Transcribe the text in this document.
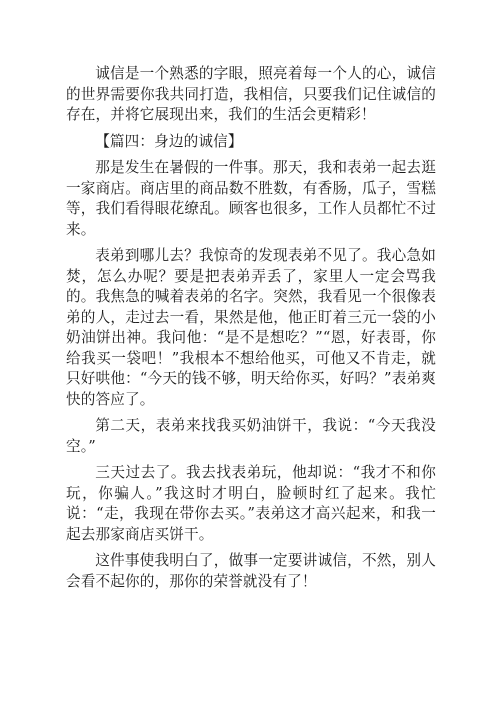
诚信是一个熟悉的字眼，照亮着每一个人的心，诚信的世界需要你我共同打造，我相信，只要我们记住诚信的存在，并将它展现出来，我们的生活会更精彩！

【篇四：身边的诚信】

那是发生在暑假的一件事。那天，我和表弟一起去逛一家商店。商店里的商品数不胜数，有香肠，瓜子，雪糕等，我们看得眼花缭乱。顾客也很多，工作人员都忙不过来。

表弟到哪儿去？我惊奇的发现表弟不见了。我心急如焚，怎么办呢？要是把表弟弄丢了，家里人一定会骂我的。我焦急的喊着表弟的名字。突然，我看见一个很像表弟的人，走过去一看，果然是他，他正盯着三元一袋的小奶油饼出神。我问他：“是不是想吃？”“恩，好表哥，你给我买一袋吧！”我根本不想给他买，可他又不肯走，就只好哄他：“今天的钱不够，明天给你买，好吗？”表弟爽快的答应了。

第二天，表弟来找我买奶油饼干，我说：“今天我没空。”

三天过去了。我去找表弟玩，他却说：“我才不和你玩，你骗人。”我这时才明白，脸顿时红了起来。我忙说：“走，我现在带你去买。”表弟这才高兴起来，和我一起去那家商店买饼干。

这件事使我明白了，做事一定要讲诚信，不然，别人会看不起你的，那你的荣誉就没有了！
